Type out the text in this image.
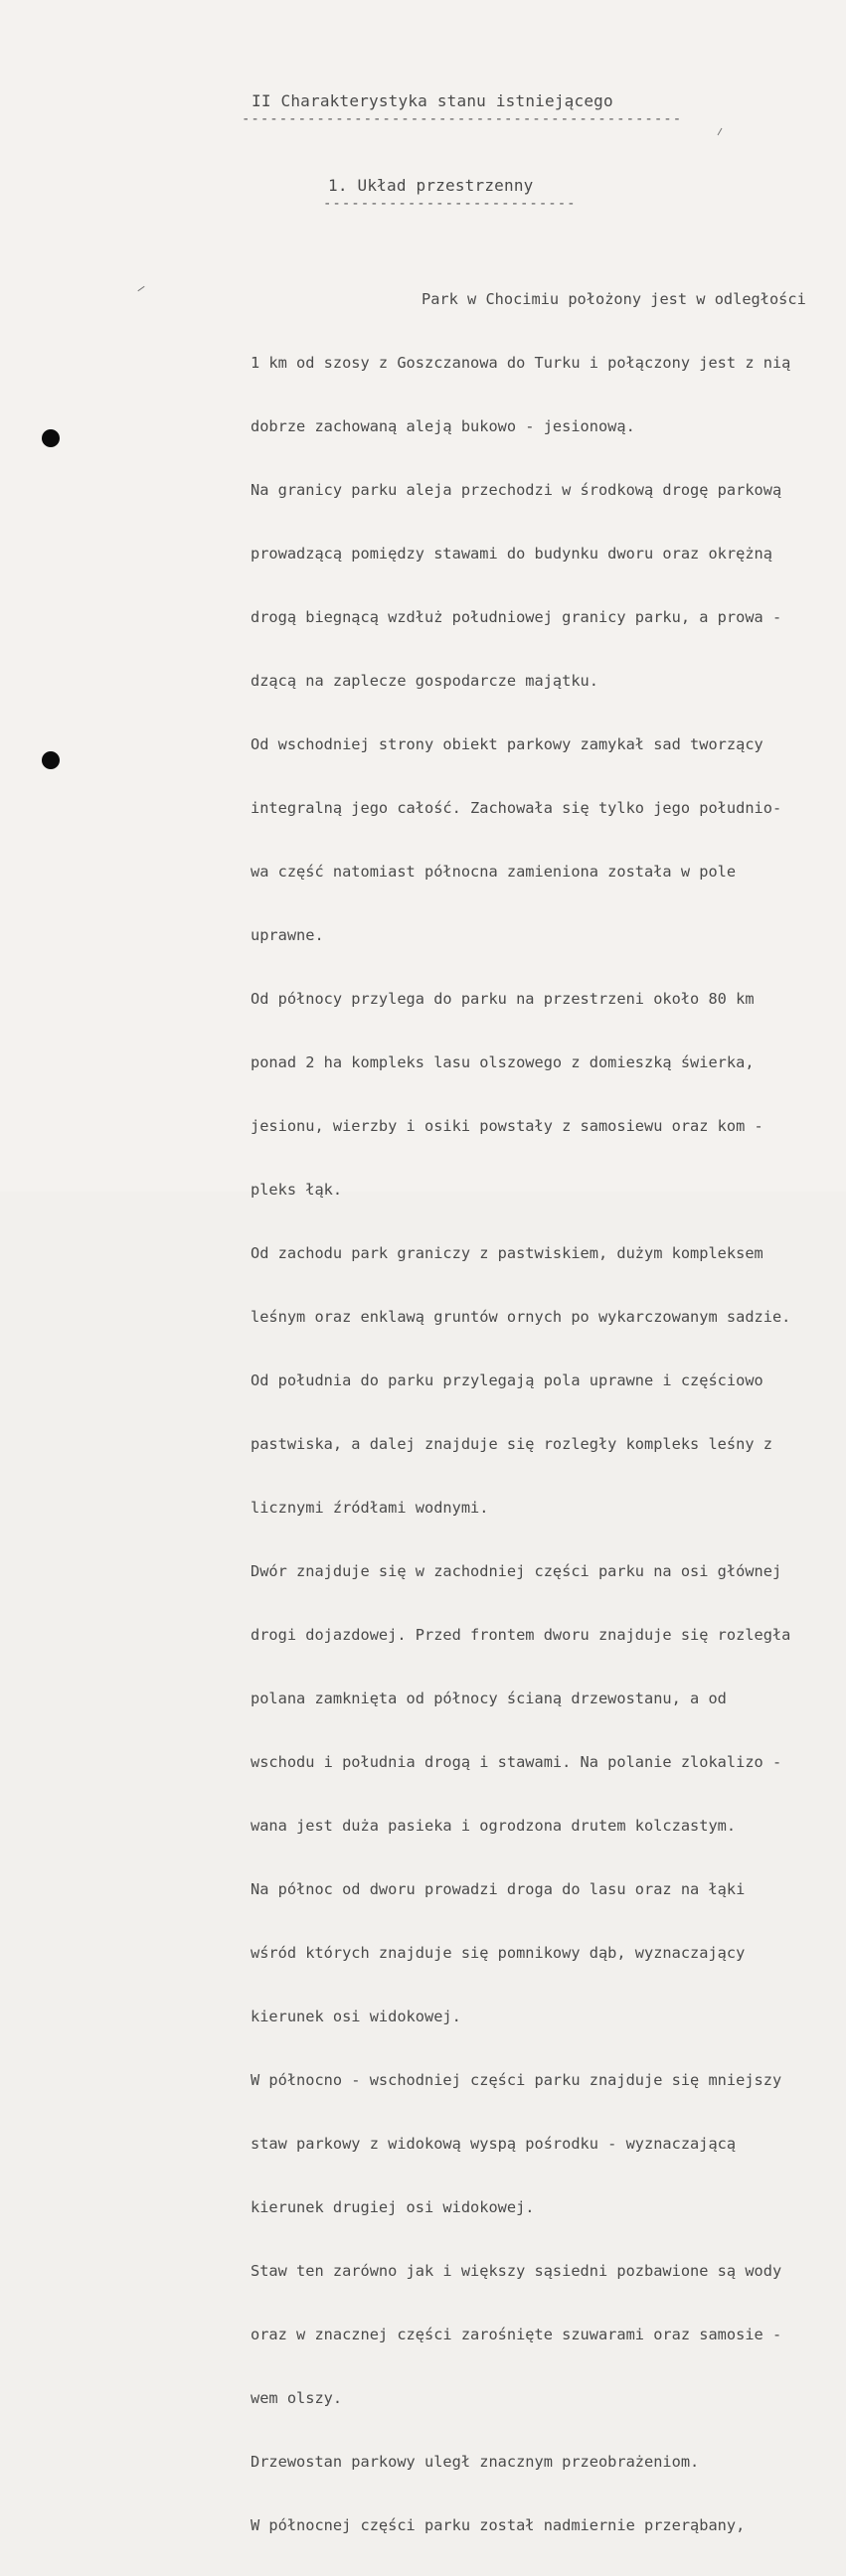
II Charakterystyka stanu istniejącego
-----------------------------------------------
1. Układ przestrzenny
---------------------------

Park w Chocimiu położony jest w odległości

1 km od szosy z Goszczanowa do Turku i połączony jest z nią

dobrze zachowaną aleją bukowo - jesionową.

Na granicy parku aleja przechodzi w środkową drogę parkową

prowadzącą pomiędzy stawami do budynku dworu oraz okrężną

drogą biegnącą wzdłuż południowej granicy parku, a prowa -

dzącą na zaplecze gospodarcze majątku.

Od wschodniej strony obiekt parkowy zamykał sad tworzący

integralną jego całość. Zachowała się tylko jego południo-

wa część natomiast północna zamieniona została w pole

uprawne.

Od północy przylega do parku na przestrzeni około 80 km

ponad 2 ha kompleks lasu olszowego z domieszką świerka,

jesionu, wierzby i osiki powstały z samosiewu oraz kom -

pleks łąk.

Od zachodu park graniczy z pastwiskiem, dużym kompleksem

leśnym oraz enklawą gruntów ornych po wykarczowanym sadzie.

Od południa do parku przylegają pola uprawne i częściowo

pastwiska, a dalej znajduje się rozległy kompleks leśny z

licznymi źródłami wodnymi.

Dwór znajduje się w zachodniej części parku na osi głównej

drogi dojazdowej. Przed frontem dworu znajduje się rozległa

polana zamknięta od północy ścianą drzewostanu, a od

wschodu i południa drogą i stawami. Na polanie zlokalizo -

wana jest duża pasieka i ogrodzona drutem kolczastym.

Na północ od dworu prowadzi droga do lasu oraz na łąki

wśród których znajduje się pomnikowy dąb, wyznaczający

kierunek osi widokowej.

W północno - wschodniej części parku znajduje się mniejszy

staw parkowy z widokową wyspą pośrodku - wyznaczającą

kierunek drugiej osi widokowej.

Staw ten zarówno jak i większy sąsiedni pozbawione są wody

oraz w znacznej części zarośnięte szuwarami oraz samosie -

wem olszy.

Drzewostan parkowy uległ znacznym przeobrażeniom.

W północnej części parku został nadmiernie przerąbany,
